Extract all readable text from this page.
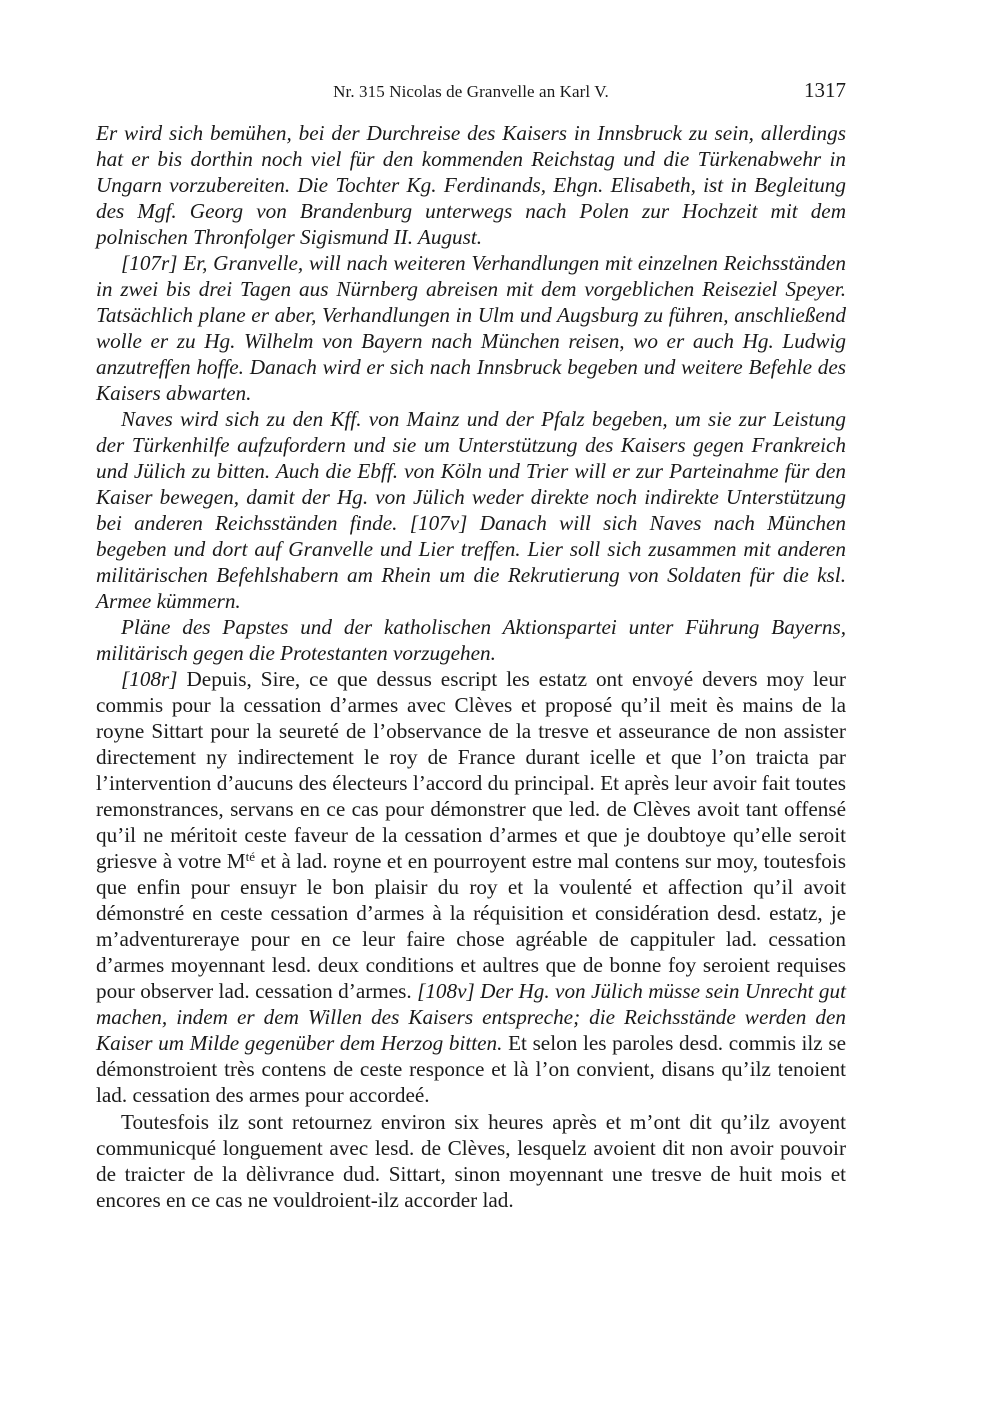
Nr. 315 Nicolas de Granvelle an Karl V.	1317

Er wird sich bemühen, bei der Durchreise des Kaisers in Innsbruck zu sein, allerdings hat er bis dorthin noch viel für den kommenden Reichstag und die Türkenabwehr in Ungarn vorzubereiten. Die Tochter Kg. Ferdinands, Ehgn. Elisabeth, ist in Begleitung des Mgf. Georg von Brandenburg unterwegs nach Polen zur Hochzeit mit dem polnischen Thronfolger Sigismund II. August.

[107r] Er, Granvelle, will nach weiteren Verhandlungen mit einzelnen Reichsständen in zwei bis drei Tagen aus Nürnberg abreisen mit dem vorgeblichen Reiseziel Speyer. Tatsächlich plane er aber, Verhandlungen in Ulm und Augsburg zu führen, anschließend wolle er zu Hg. Wilhelm von Bayern nach München reisen, wo er auch Hg. Ludwig anzutreffen hoffe. Danach wird er sich nach Innsbruck begeben und weitere Befehle des Kaisers abwarten.

Naves wird sich zu den Kff. von Mainz und der Pfalz begeben, um sie zur Leistung der Türkenhilfe aufzufordern und sie um Unterstützung des Kaisers gegen Frankreich und Jülich zu bitten. Auch die Ebff. von Köln und Trier will er zur Parteinahme für den Kaiser bewegen, damit der Hg. von Jülich weder direkte noch indirekte Unterstützung bei anderen Reichsständen finde. [107v] Danach will sich Naves nach München begeben und dort auf Granvelle und Lier treffen. Lier soll sich zusammen mit anderen militärischen Befehlshabern am Rhein um die Rekrutierung von Soldaten für die ksl. Armee kümmern.

Pläne des Papstes und der katholischen Aktionspartei unter Führung Bayerns, militärisch gegen die Protestanten vorzugehen.

[108r] Depuis, Sire, ce que dessus escript les estatz ont envoyé devers moy leur commis pour la cessation d’armes avec Clèves et proposé qu’il meit ès mains de la royne Sittart pour la seureté de l’observance de la tresve et asseurance de non assister directement ny indirectement le roy de France durant icelle et que l’on traicta par l’intervention d’aucuns des électeurs l’accord du principal. Et après leur avoir fait toutes remonstrances, servans en ce cas pour démonstrer que led. de Clèves avoit tant offensé qu’il ne méritoit ceste faveur de la cessation d’armes et que je doubtoye qu’elle seroit griesve à votre $M^{té}$ et à lad. royne et en pourroyent estre mal contens sur moy, toutesfois que enfin pour ensuyr le bon plaisir du roy et la voulenté et affection qu’il avoit démonstré en ceste cessation d’armes à la réquisition et considération desd. estatz, je m’adventureraye pour en ce leur faire chose agréable de cappituler lad. cessation d’armes moyennant lesd. deux conditions et aultres que de bonne foy seroient requises pour observer lad. cessation d’armes. [108v] Der Hg. von Jülich müsse sein Unrecht gut machen, indem er dem Willen des Kaisers entspreche; die Reichsstände werden den Kaiser um Milde gegenüber dem Herzog bitten. Et selon les paroles desd. commis ilz se démonstroient très contens de ceste responce et là l’on convient, disans qu’ilz tenoient lad. cessation des armes pour accordeé.

Toutesfois ilz sont retournez environ six heures après et m’ont dit qu’ilz avoyent communicqué longuement avec lesd. de Clèves, lesquelz avoient dit non avoir pouvoir de traicter de la dèlivrance dud. Sittart, sinon moyennant une tresve de huit mois et encores en ce cas ne vouldroient-ilz accorder lad.
